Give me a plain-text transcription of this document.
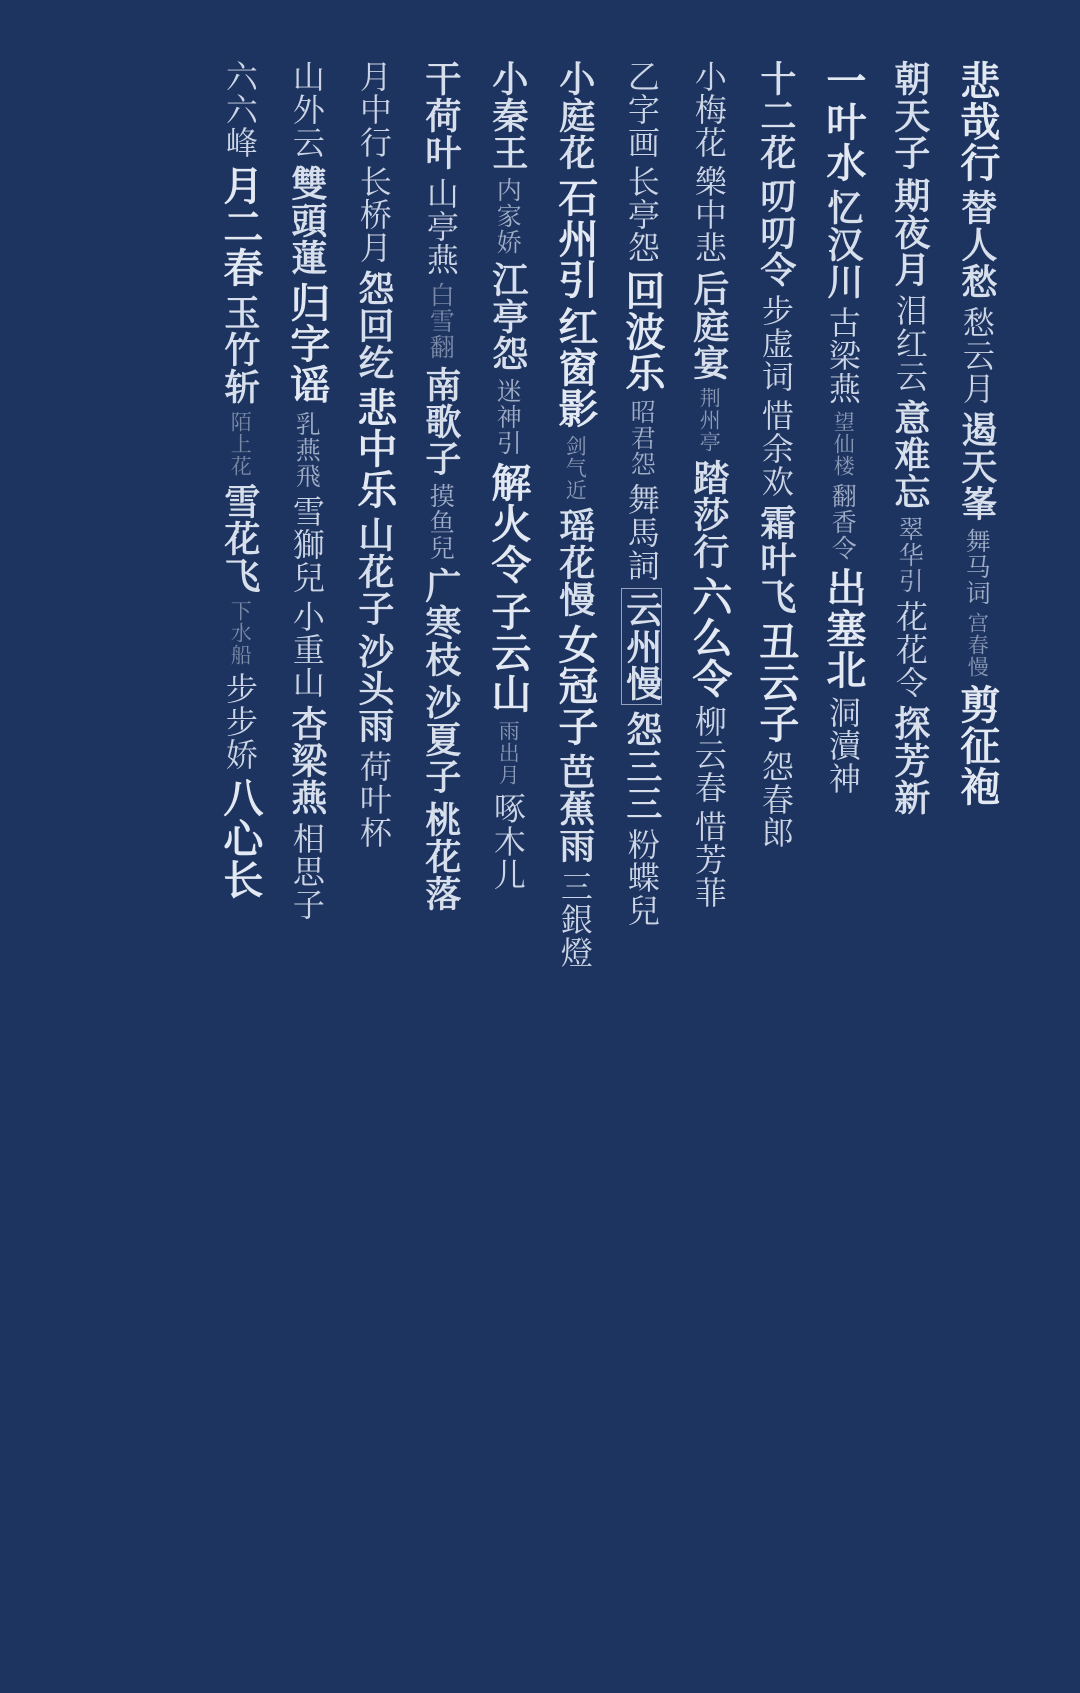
悲哉行
替人愁
愁云月
遏天峯
舞马词
宫春慢
剪征袍
朝天子
期夜月
泪红云
意难忘
翠华引
花花令
探芳新
一叶水
忆汉川
古梁燕
望仙楼
翻香令
出塞北
洞瀆神
十二花
叨叨令
步虚词
惜余欢
霜叶飞
丑云子
怨春郎
小梅花
樂中悲
后庭宴
荆州亭
踏莎行
六么令
柳云春
惜芳菲
乙字画
长亭怨
回波乐
昭君怨
舞馬詞
云州慢
怨三三
粉蝶兒
小庭花
石州引
红窗影
剑气近
瑶花慢
女冠子
芭蕉雨
三銀燈
小秦王
内家娇
江亭怨
迷神引
解火令
子云山
雨出月
啄木儿
干荷叶
山亭燕
白雪翻
南歌子
摸鱼兒
广寒枝
沙夏子
桃花落
月中行
长桥月
怨回纥
悲中乐
山花子
沙头雨
荷叶杯
山外云
雙頭蓮
归字谣
乳燕飛
雪獅兒
小重山
杏梁燕
相思子
六六峰
月二春
玉竹斩
陌上花
雪花飞
下水船
步步娇
八心长
